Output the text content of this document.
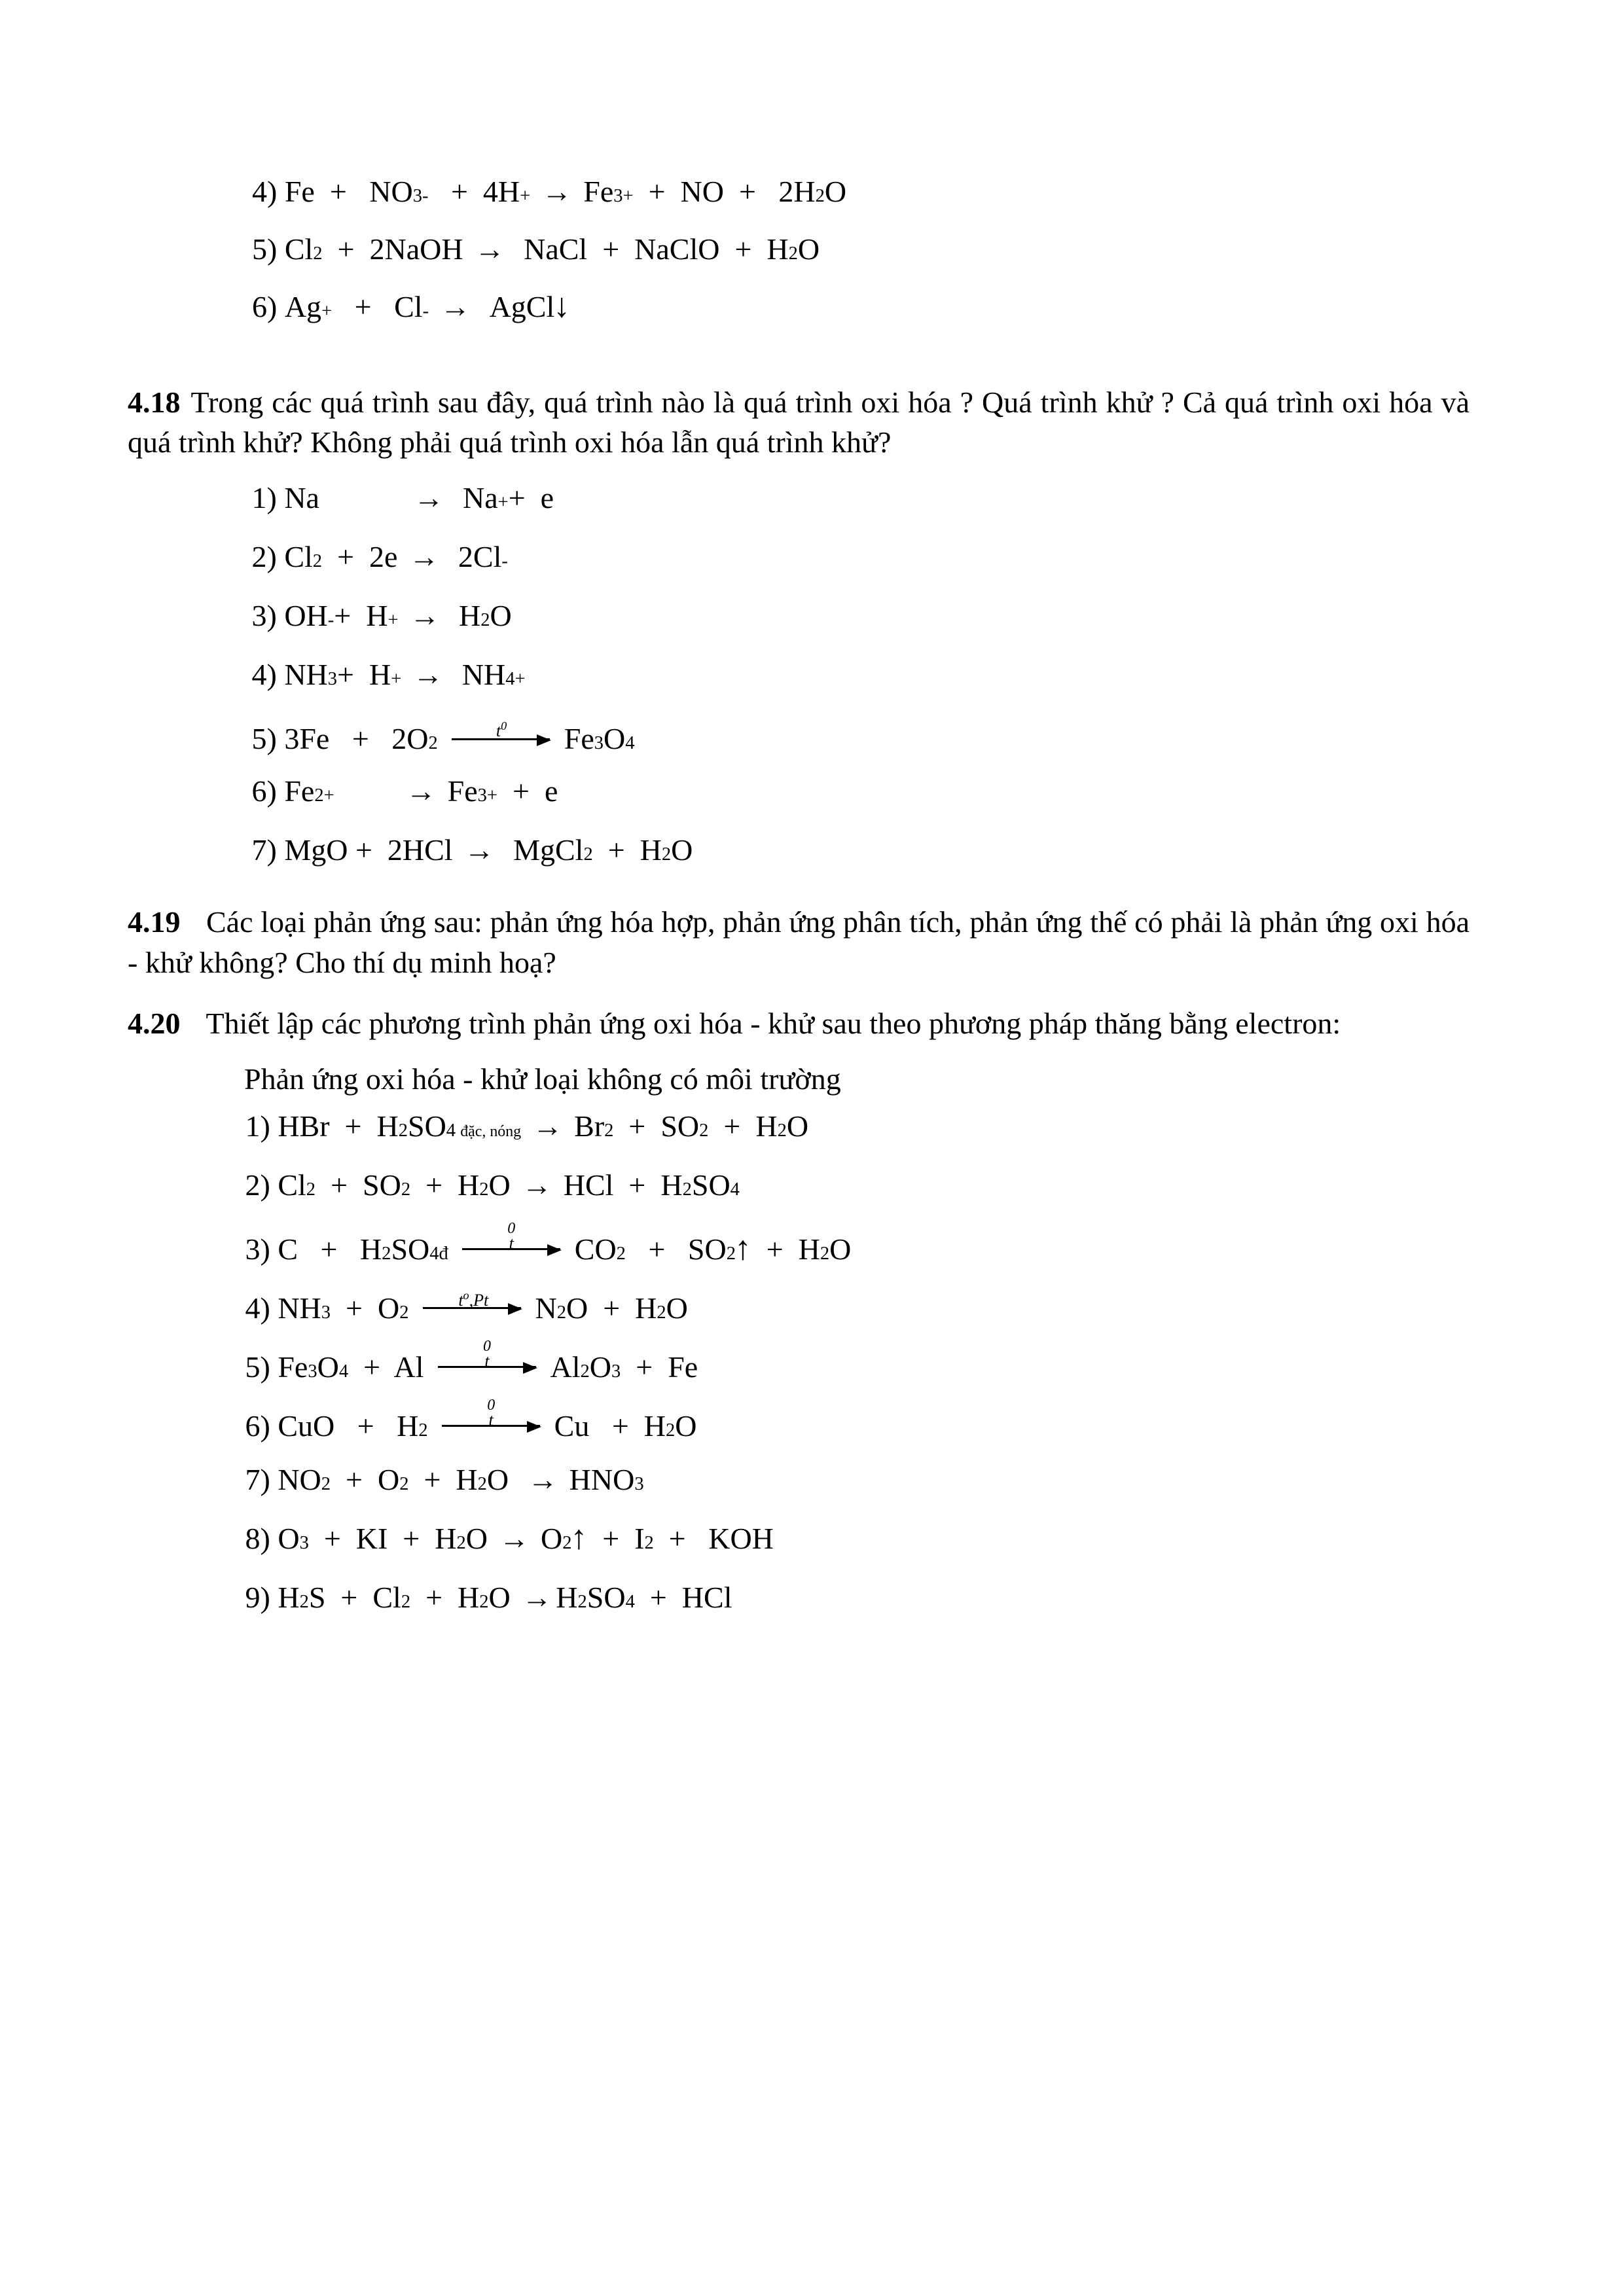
4) Fe  +   NO 3 - +  4H +
→ Fe 3+ +  NO  +   2H 2 O
5) Cl 2 +  2NaOH → NaCl  +  NaClO  +  H 2 O
6) Ag + +   Cl -
→ AgCl
↓

4.18 Trong các quá trình sau đây, quá trình nào là quá trình oxi hóa ? Quá trình khử ? Cả quá trình oxi hóa và quá trình khử? Không phải quá trình oxi hóa lẫn quá trình khử?

1) Na → Na + +  e
2) Cl 2 +  2e → 2Cl -
3) OH - +  H +
→ H 2 O
4) NH 3 +  H +
→ NH 4 +
5) 3Fe   +   2O 2

$t^0$ Fe 3 O 4
6) Fe 2+
→ Fe 3+ +  e
7) MgO +  2HCl → MgCl 2 +  H 2 O

4.19 Các loại phản ứng sau: phản ứng hóa hợp, phản ứng phân tích, phản ứng thế có phải là phản ứng oxi hóa - khử không? Cho thí dụ minh hoạ?

4.20 Thiết lập các phương trình phản ứng oxi hóa - khử sau theo phương pháp thăng bằng electron:

Phản ứng oxi hóa - khử loại không có môi trường
1) HBr  +  H 2 SO 4 đặc, nóng
→ Br 2 +  SO 2 +  H 2 O
2) Cl 2 +  SO 2 +  H 2 O → HCl  +  H 2 SO 4
3) C   +   H 2 SO 4đ

0
t CO 2 +   SO 2
↑ +  H 2 O
4) NH 3 +  O 2

$t^o,Pt$ N 2 O  +  H 2 O
5) Fe 3 O 4 +  Al
0
t Al 2 O 3 +  Fe
6) CuO   +   H 2

0
t Cu   +  H 2 O
7) NO 2 +  O 2 +  H 2 O → HNO 3
8) O 3 +  KI  +  H 2 O → O 2
↑ +  I 2 +   KOH
9) H 2 S  +  Cl 2 +  H 2 O → H 2 SO 4 +  HCl
